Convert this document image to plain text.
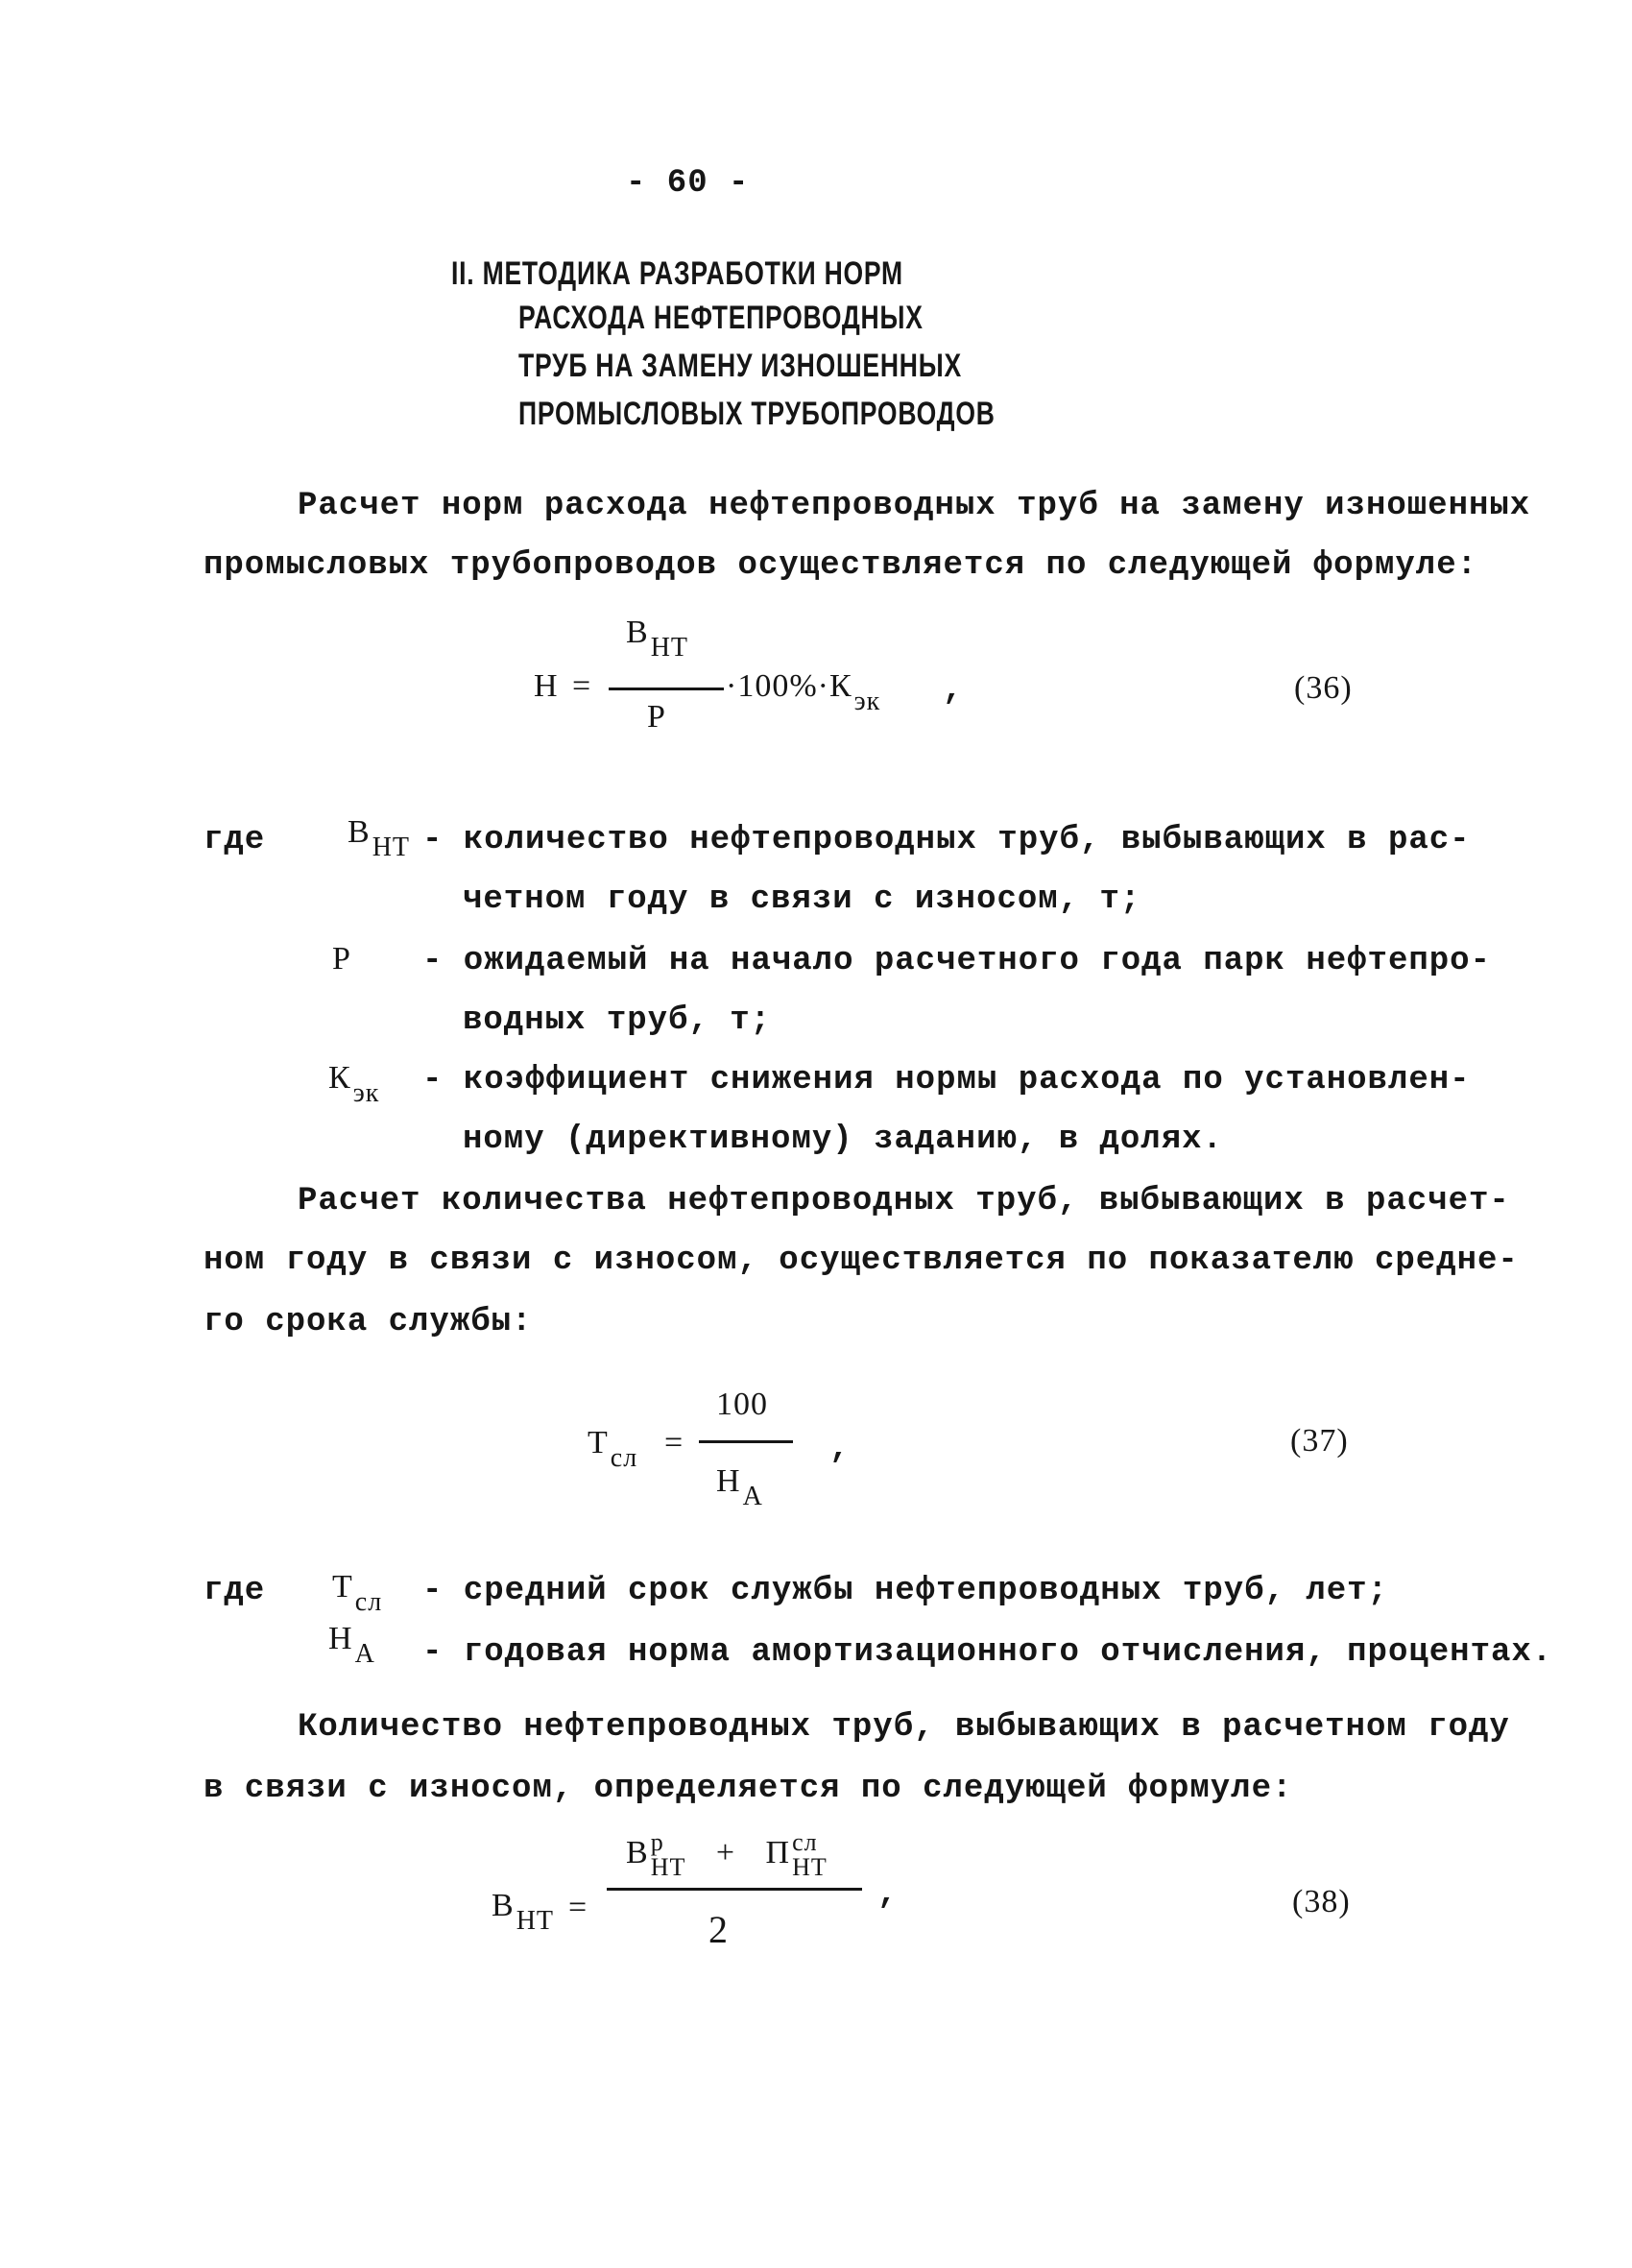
- 60 -
II. МЕТОДИКА РАЗРАБОТКИ НОРМ
РАСХОДА НЕФТЕПРОВОДНЫХ
ТРУБ НА ЗАМЕНУ ИЗНОШЕННЫХ
ПРОМЫСЛОВЫХ ТРУБОПРОВОДОВ
Расчет норм расхода нефтепроводных труб на замену изношенных
промысловых трубопроводов осуществляется по следующей формуле:
Н =
$В_{НТ}$
Р
$\cdot 100\%\cdot К_{эк}$ ,	(36)
где	$В_{НТ}$ - количество нефтепроводных труб, выбывающих в рас-
четном году в связи с износом, т;
Р - ожидаемый на начало расчетного года парк нефтепро-
водных труб, т;
$К_{эк}$ - коэффициент снижения нормы расхода по установлен-
ному (директивному) заданию, в долях.
Расчет количества нефтепроводных труб, выбывающих в расчет-
ном году в связи с износом, осуществляется по показателю средне-
го срока службы:
$Т_{сл}$ =
100
$Н_А$
,	(37)
где $Т_{сл}$ - средний срок службы нефтепроводных труб, лет;
$Н_А$ - годовая норма амортизационного отчисления, процентах.
Количество нефтепроводных труб, выбывающих в расчетном году
в связи с износом, определяется по следующей формуле:
$В_{НТ}$ =
В р
НТ + П сл
НТ
2
,	(38)
